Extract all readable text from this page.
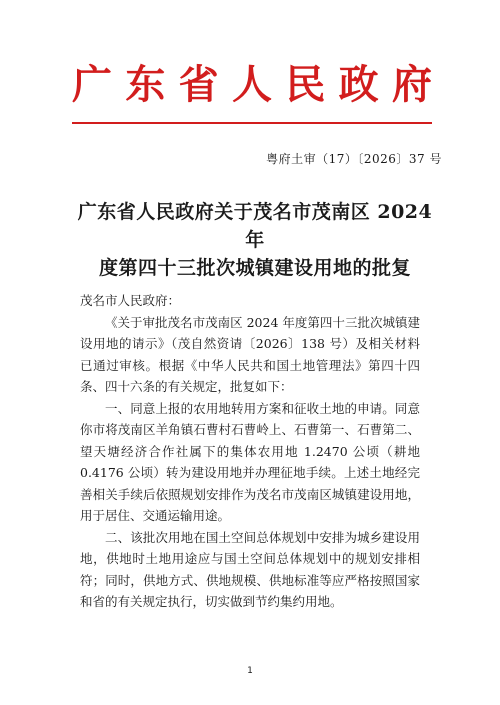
广 东 省 人 民 政 府
粤府土审（17）〔2026〕37 号
广东省人民政府关于茂名市茂南区 2024 年
度第四十三批次城镇建设用地的批复

茂名市人民政府：

《关于审批茂名市茂南区 2024 年度第四十三批次城镇建设用地的请示》（茂自然资请〔2026〕138 号）及相关材料已通过审核。根据《中华人民共和国土地管理法》第四十四条、四十六条的有关规定，批复如下：

一、同意上报的农用地转用方案和征收土地的申请。同意你市将茂南区羊角镇石曹村石曹岭上、石曹第一、石曹第二、望天塘经济合作社属下的集体农用地 1.2470 公顷（耕地 0.4176 公顷）转为建设用地并办理征地手续。上述土地经完善相关手续后依照规划安排作为茂名市茂南区城镇建设用地，用于居住、交通运输用途。

二、该批次用地在国土空间总体规划中安排为城乡建设用地，供地时土地用途应与国土空间总体规划中的规划安排相符；同时，供地方式、供地规模、供地标准等应严格按照国家和省的有关规定执行，切实做到节约集约用地。

1
